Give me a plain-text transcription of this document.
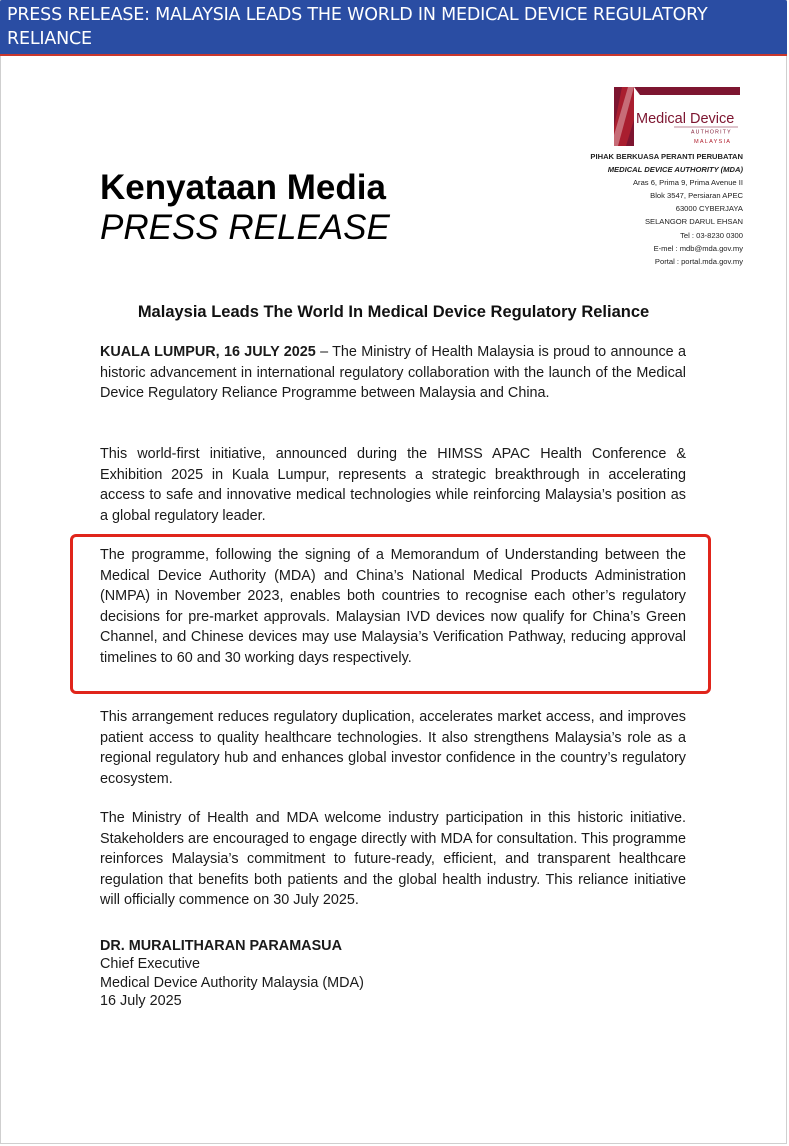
PRESS RELEASE: MALAYSIA LEADS THE WORLD IN MEDICAL DEVICE REGULATORY RELIANCE
Medical Device
AUTHORITY
MALAYSIA
PIHAK BERKUASA PERANTI PERUBATAN
MEDICAL DEVICE AUTHORITY (MDA)
Aras 6, Prima 9, Prima Avenue II
Blok 3547, Persiaran APEC
63000 CYBERJAYA
SELANGOR DARUL EHSAN
Tel : 03-8230 0300
E-mel : mdb@mda.gov.my
Portal : portal.mda.gov.my
Kenyataan Media
PRESS RELEASE
Malaysia Leads The World In Medical Device Regulatory Reliance

KUALA LUMPUR, 16 JULY 2025 – The Ministry of Health Malaysia is proud to announce a historic advancement in international regulatory collaboration with the launch of the Medical Device Regulatory Reliance Programme between Malaysia and China.

This world-first initiative, announced during the HIMSS APAC Health Conference & Exhibition 2025 in Kuala Lumpur, represents a strategic breakthrough in accelerating access to safe and innovative medical technologies while reinforcing Malaysia’s position as a global regulatory leader.

The programme, following the signing of a Memorandum of Understanding between the Medical Device Authority (MDA) and China’s National Medical Products Administration (NMPA) in November 2023, enables both countries to recognise each other’s regulatory decisions for pre-market approvals. Malaysian IVD devices now qualify for China’s Green Channel, and Chinese devices may use Malaysia’s Verification Pathway, reducing approval timelines to 60 and 30 working days respectively.

This arrangement reduces regulatory duplication, accelerates market access, and improves patient access to quality healthcare technologies. It also strengthens Malaysia’s role as a regional regulatory hub and enhances global investor confidence in the country’s regulatory ecosystem.

The Ministry of Health and MDA welcome industry participation in this historic initiative. Stakeholders are encouraged to engage directly with MDA for consultation. This programme reinforces Malaysia’s commitment to future-ready, efficient, and transparent healthcare regulation that benefits both patients and the global health industry. This reliance initiative will officially commence on 30 July 2025.

DR. MURALITHARAN PARAMASUA
Chief Executive
Medical Device Authority Malaysia (MDA)
16 July 2025
